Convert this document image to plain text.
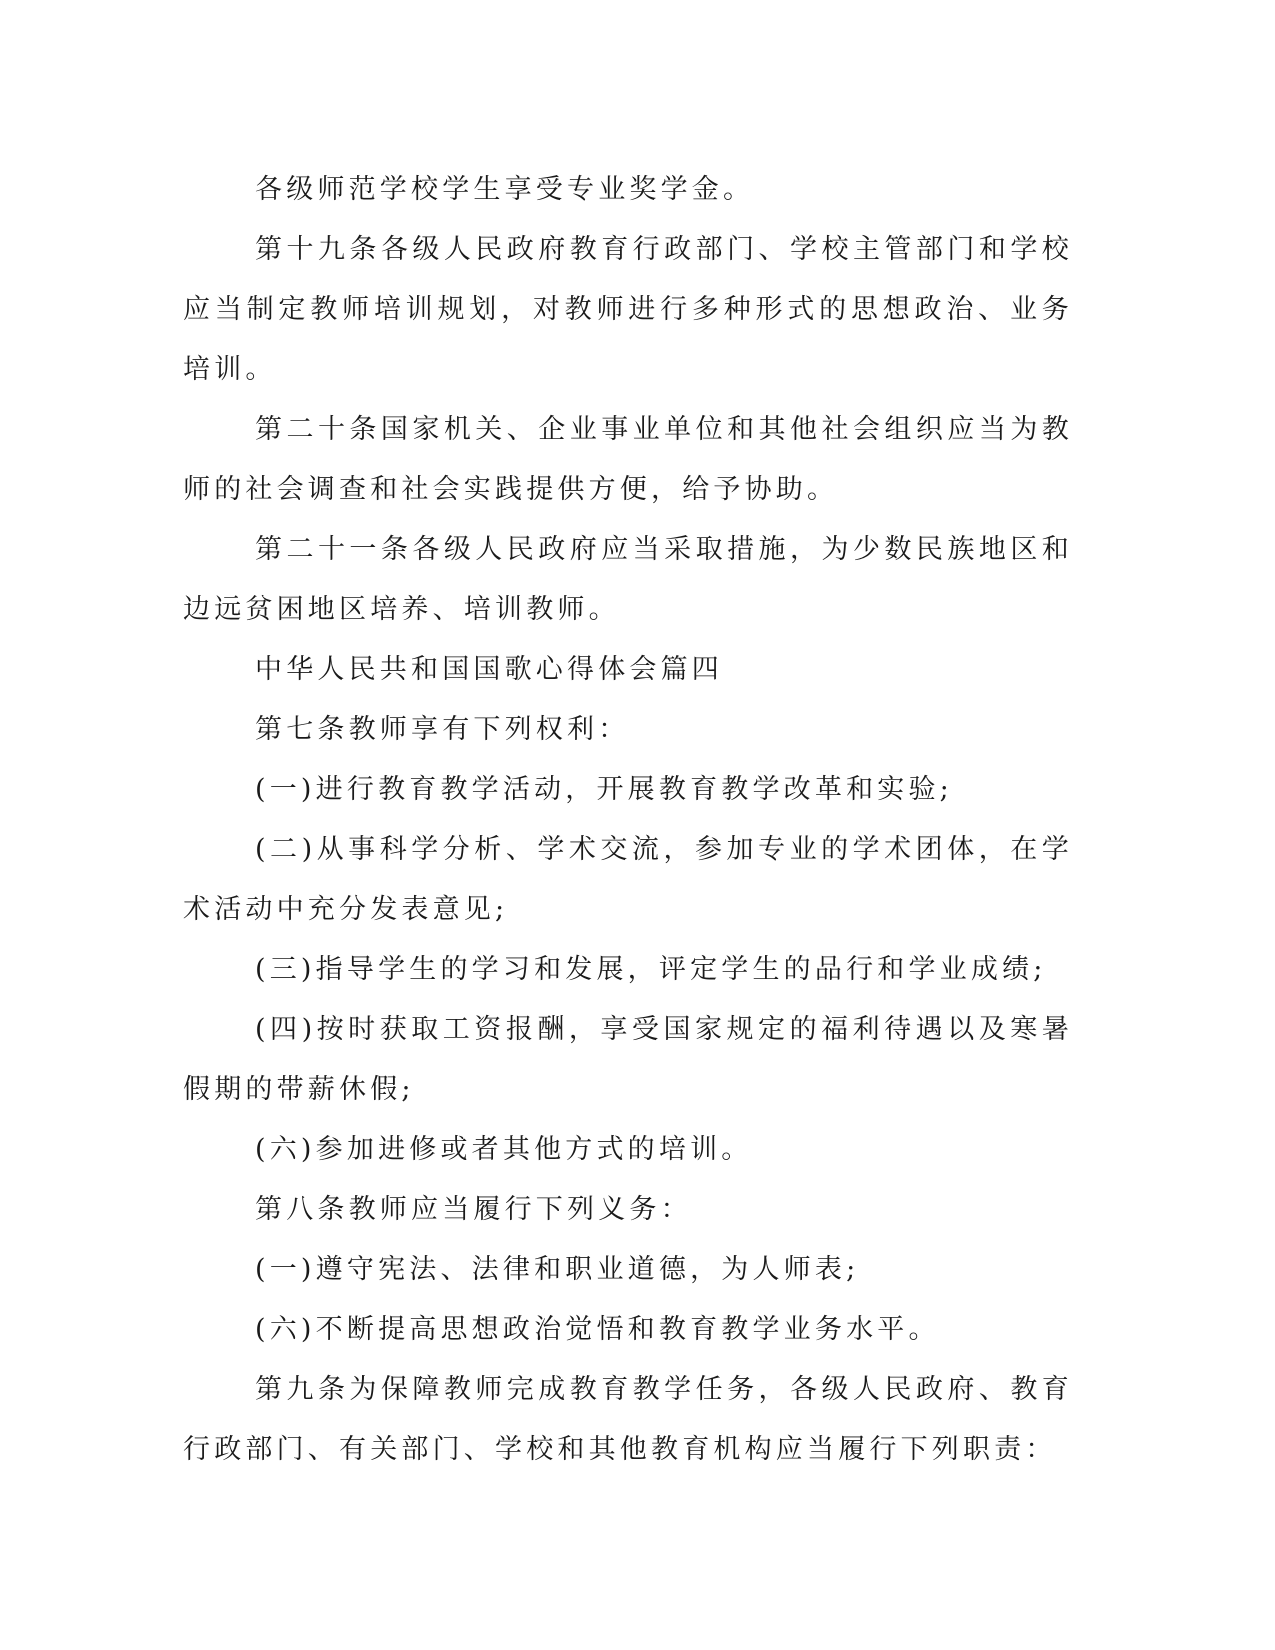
各级师范学校学生享受专业奖学金。

第十九条各级人民政府教育行政部门、学校主管部门和学校应当制定教师培训规划，对教师进行多种形式的思想政治、业务培训。

第二十条国家机关、企业事业单位和其他社会组织应当为教师的社会调查和社会实践提供方便，给予协助。

第二十一条各级人民政府应当采取措施，为少数民族地区和边远贫困地区培养、培训教师。

中华人民共和国国歌心得体会篇四

第七条教师享有下列权利：

(一)进行教育教学活动，开展教育教学改革和实验;

(二)从事科学分析、学术交流，参加专业的学术团体，在学术活动中充分发表意见;

(三)指导学生的学习和发展，评定学生的品行和学业成绩;

(四)按时获取工资报酬，享受国家规定的福利待遇以及寒暑假期的带薪休假;

(六)参加进修或者其他方式的培训。

第八条教师应当履行下列义务：

(一)遵守宪法、法律和职业道德，为人师表;

(六)不断提高思想政治觉悟和教育教学业务水平。

第九条为保障教师完成教育教学任务，各级人民政府、教育行政部门、有关部门、学校和其他教育机构应当履行下列职责：
